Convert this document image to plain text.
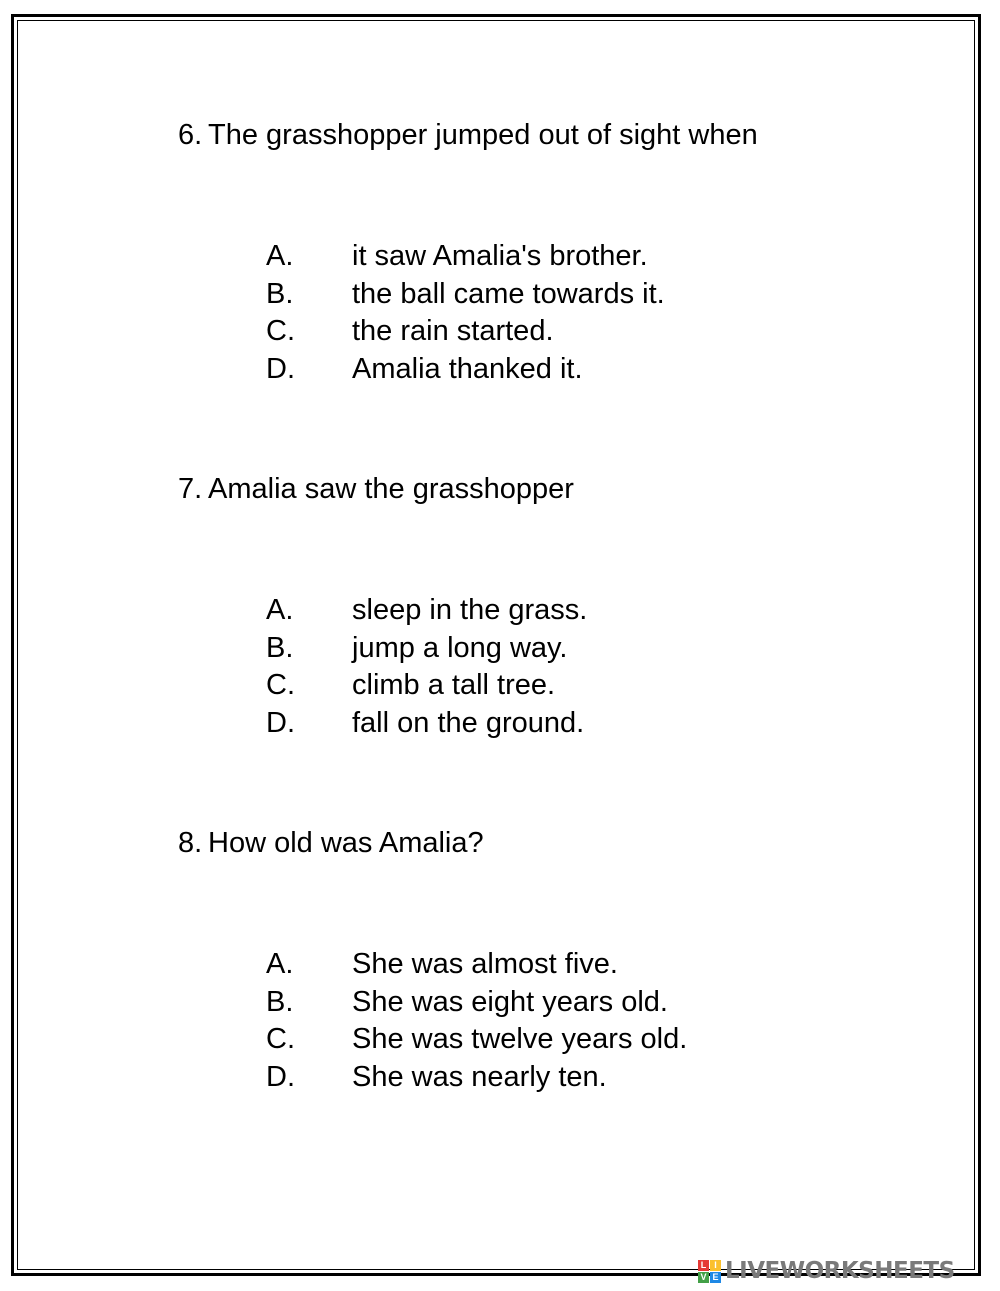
6. The grasshopper jumped out of sight when
A. it saw Amalia's brother.
B. the ball came towards it.
C. the rain started.
D. Amalia thanked it.
7. Amalia saw the grasshopper
A. sleep in the grass.
B. jump a long way.
C. climb a tall tree.
D. fall on the ground.
8. How old was Amalia?
A. She was almost five.
B. She was eight years old.
C. She was twelve years old.
D. She was nearly ten.
L I
V E LIVEWORKSHEETS
